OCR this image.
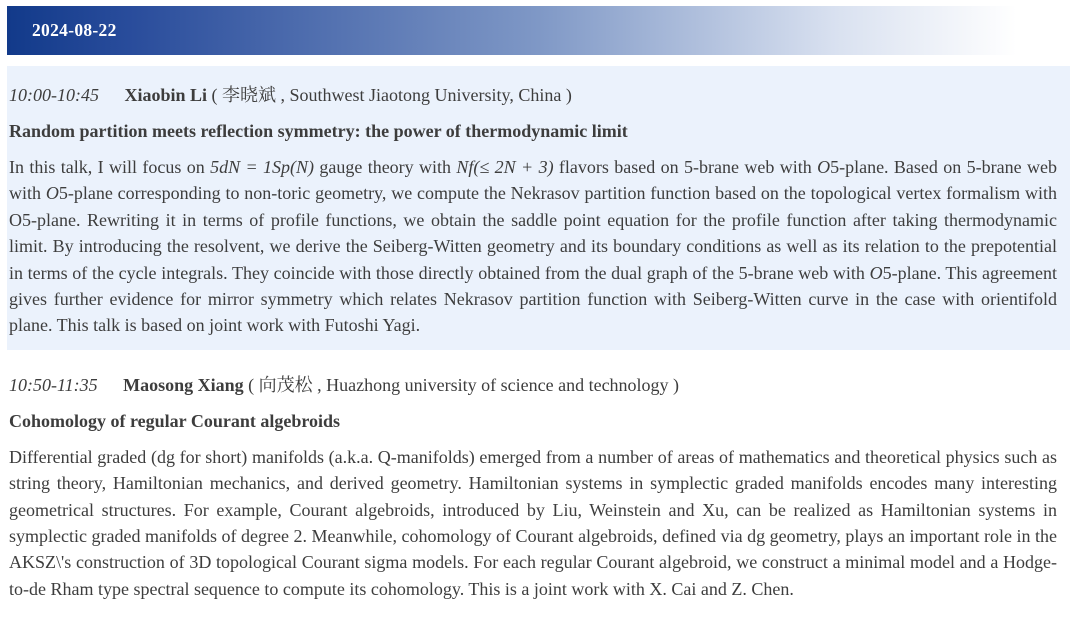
2024-08-22

10:00-10:45 Xiaobin Li ( 李晓斌 , Southwest Jiaotong University, China )

Random partition meets reflection symmetry: the power of thermodynamic limit

In this talk, I will focus on 5dN = 1Sp(N) gauge theory with Nf(≤ 2N + 3) flavors based on 5-brane web with O5-plane. Based on 5-brane web with O5-plane corresponding to non-toric geometry, we compute the Nekrasov partition function based on the topological vertex formalism with O5-plane. Rewriting it in terms of profile functions, we obtain the saddle point equation for the profile function after taking thermodynamic limit. By introducing the resolvent, we derive the Seiberg-Witten geometry and its boundary conditions as well as its relation to the prepotential in terms of the cycle integrals. They coincide with those directly obtained from the dual graph of the 5-brane web with O5-plane. This agreement gives further evidence for mirror symmetry which relates Nekrasov partition function with Seiberg-Witten curve in the case with orientifold plane. This talk is based on joint work with Futoshi Yagi.

10:50-11:35 Maosong Xiang ( 向茂松 , Huazhong university of science and technology )

Cohomology of regular Courant algebroids

Differential graded (dg for short) manifolds (a.k.a. Q-manifolds) emerged from a number of areas of mathematics and theoretical physics such as string theory, Hamiltonian mechanics, and derived geometry. Hamiltonian systems in symplectic graded manifolds encodes many interesting geometrical structures. For example, Courant algebroids, introduced by Liu, Weinstein and Xu, can be realized as Hamiltonian systems in symplectic graded manifolds of degree 2. Meanwhile, cohomology of Courant algebroids, defined via dg geometry, plays an important role in the AKSZ\'s construction of 3D topological Courant sigma models. For each regular Courant algebroid, we construct a minimal model and a Hodge-to-de Rham type spectral sequence to compute its cohomology. This is a joint work with X. Cai and Z. Chen.
